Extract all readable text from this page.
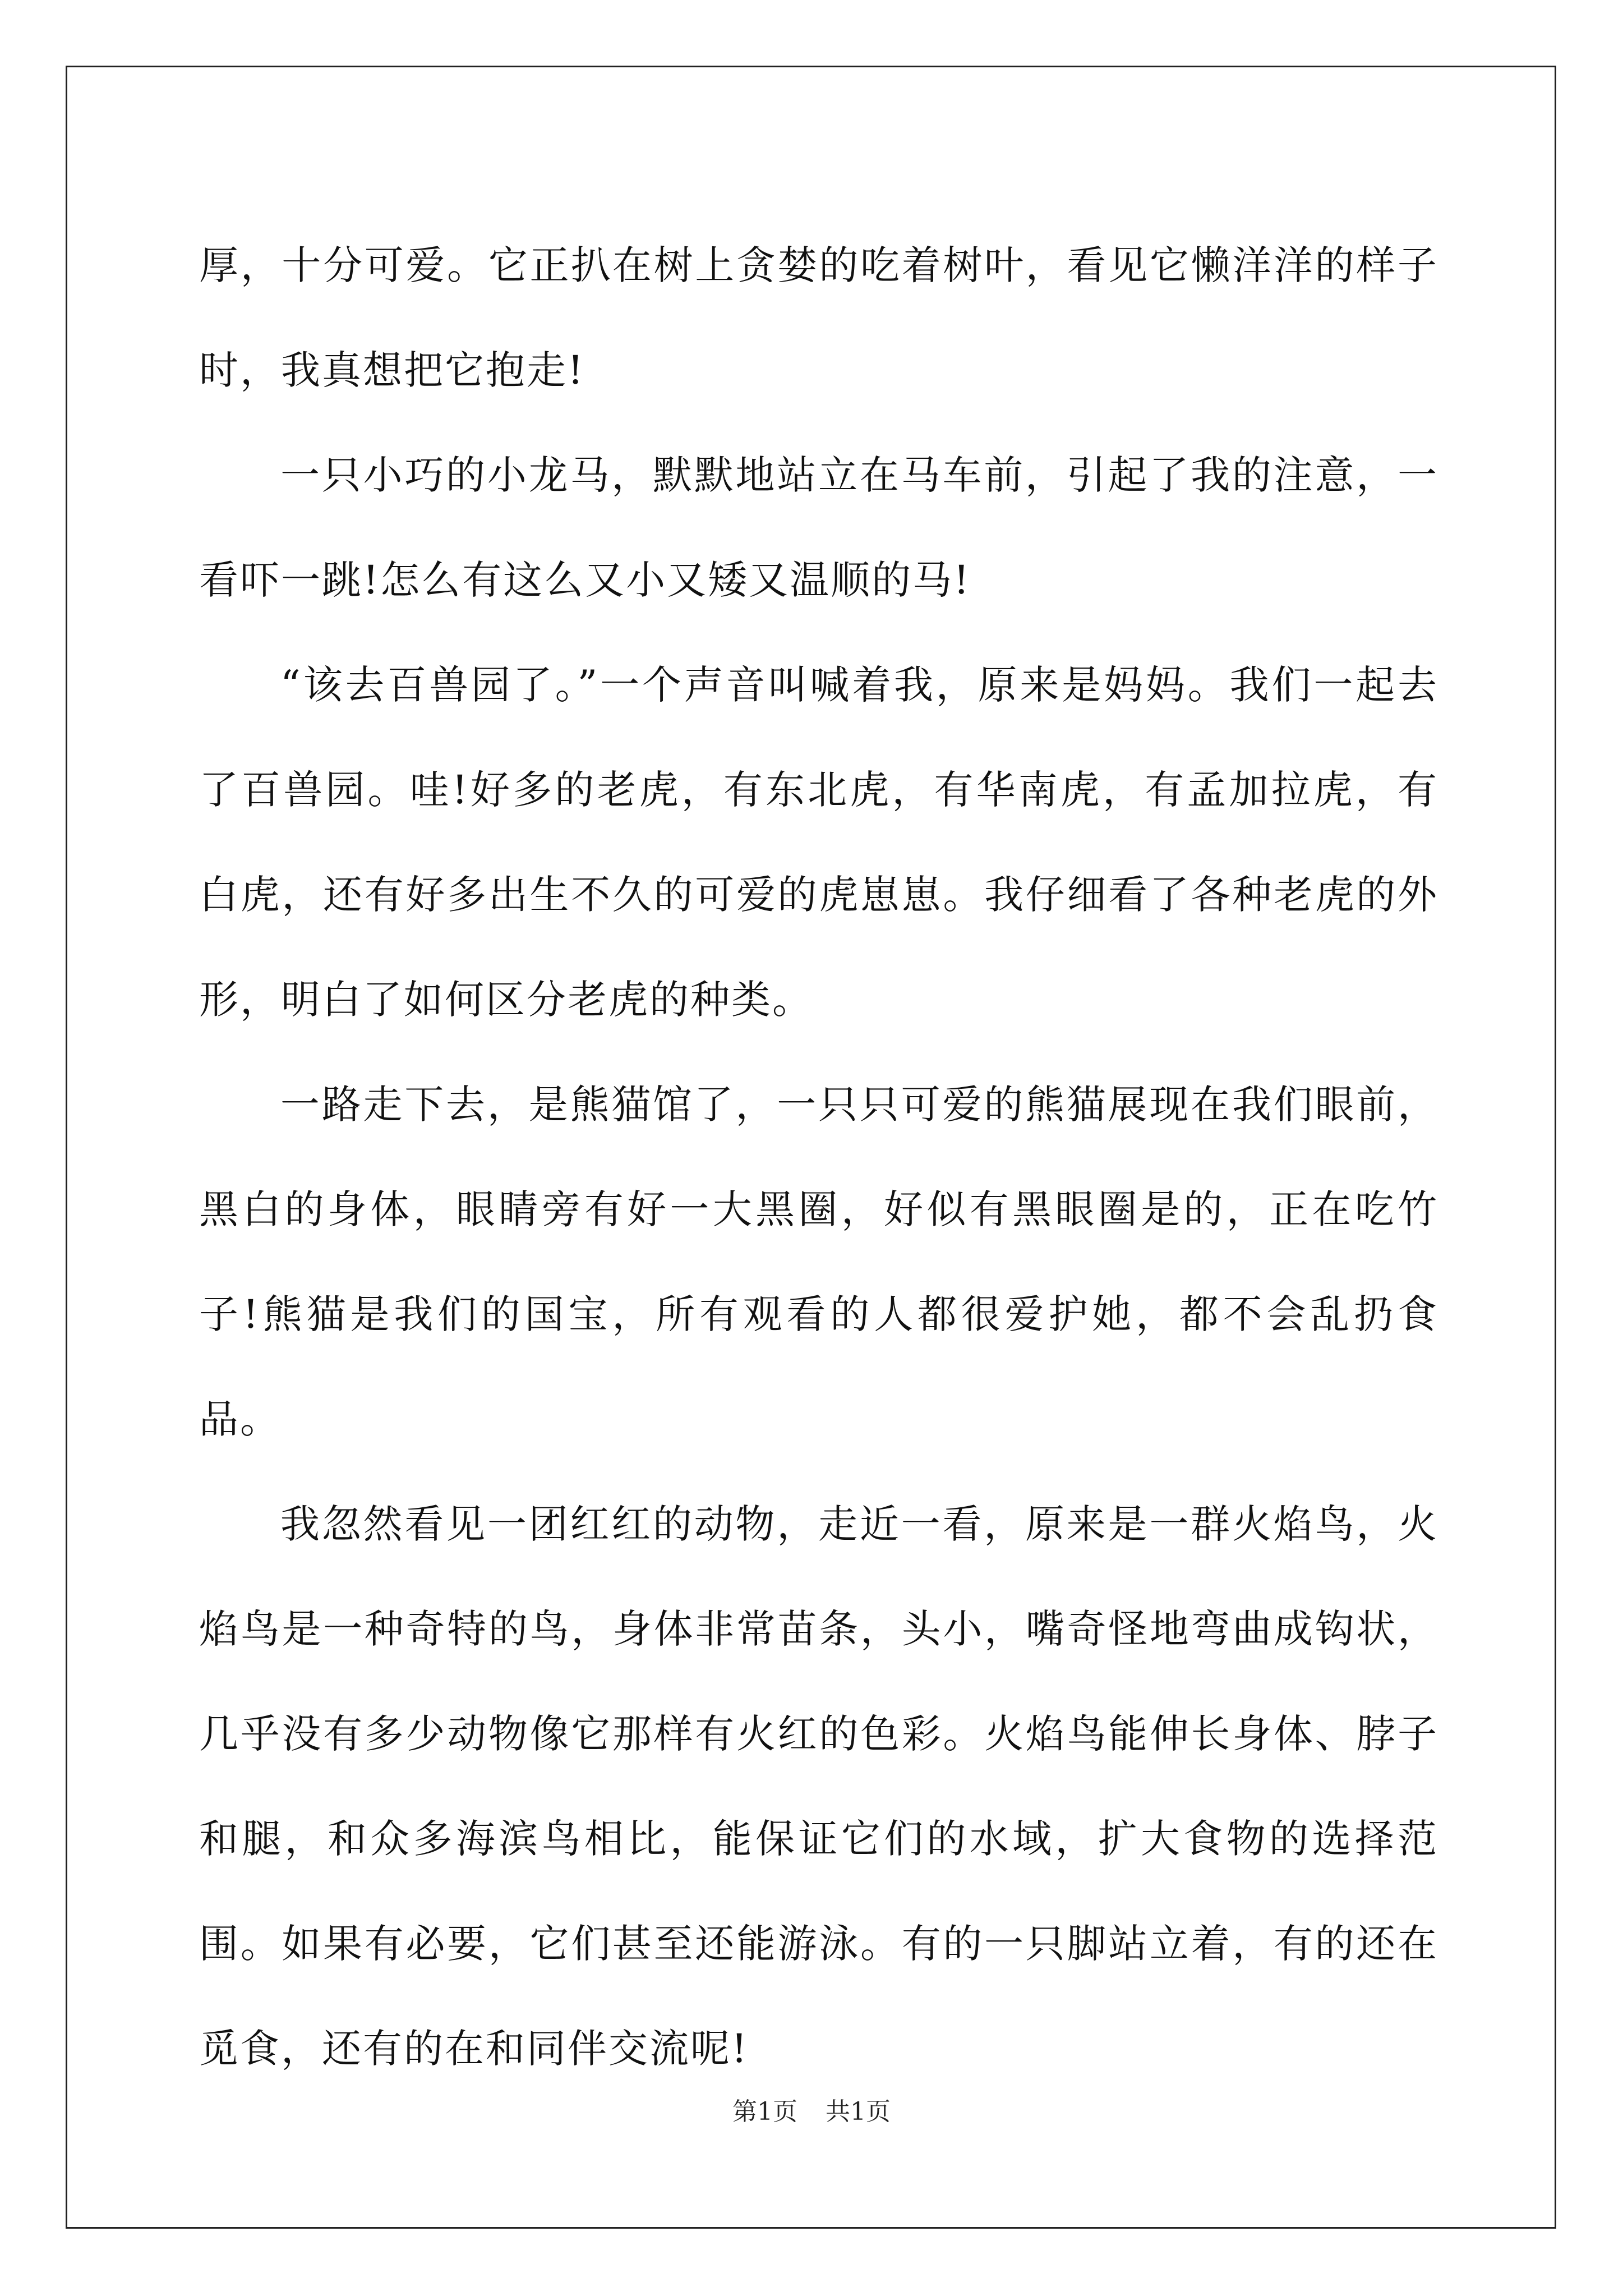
厚，十分可爱。它正扒在树上贪婪的吃着树叶，看见它懒洋洋的样子时，我真想把它抱走!

一只小巧的小龙马，默默地站立在马车前，引起了我的注意，一看吓一跳!怎么有这么又小又矮又温顺的马!

“该去百兽园了。”一个声音叫喊着我，原来是妈妈。我们一起去了百兽园。哇!好多的老虎，有东北虎，有华南虎，有孟加拉虎，有白虎，还有好多出生不久的可爱的虎崽崽。我仔细看了各种老虎的外形，明白了如何区分老虎的种类。

一路走下去，是熊猫馆了，一只只可爱的熊猫展现在我们眼前，黑白的身体，眼睛旁有好一大黑圈，好似有黑眼圈是的，正在吃竹子!熊猫是我们的国宝，所有观看的人都很爱护她，都不会乱扔食品。

我忽然看见一团红红的动物，走近一看，原来是一群火焰鸟，火焰鸟是一种奇特的鸟，身体非常苗条，头小，嘴奇怪地弯曲成钩状，几乎没有多少动物像它那样有火红的色彩。火焰鸟能伸长身体、脖子和腿，和众多海滨鸟相比，能保证它们的水域，扩大食物的选择范围。如果有必要，它们甚至还能游泳。有的一只脚站立着，有的还在觅食，还有的在和同伴交流呢!

第1页 共1页
